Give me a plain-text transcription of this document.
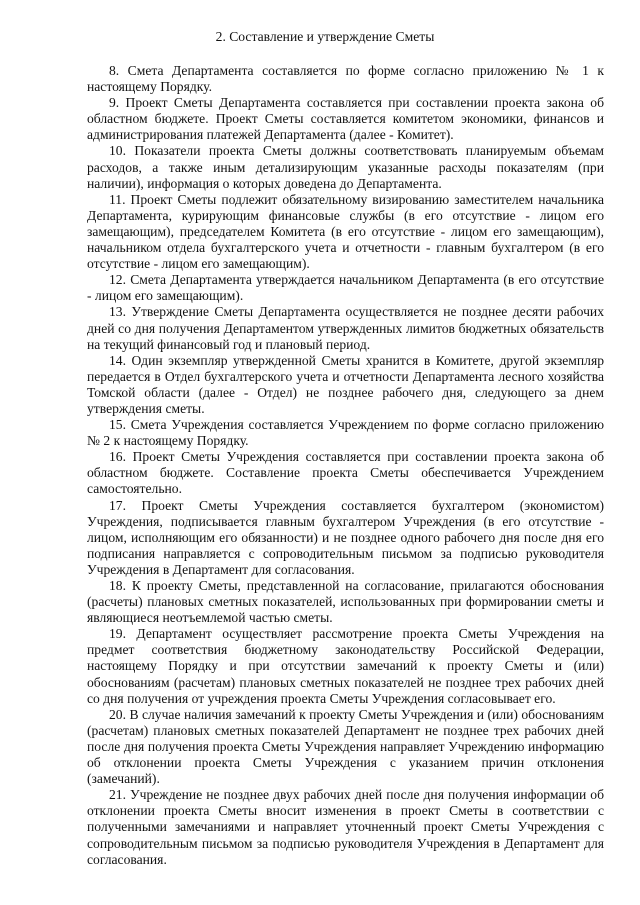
2. Составление и утверждение Сметы

8. Смета Департамента составляется по форме согласно приложению № 1 к настоящему Порядку.

9. Проект Сметы Департамента составляется при составлении проекта закона об областном бюджете. Проект Сметы составляется комитетом экономики, финансов и администрирования платежей Департамента (далее - Комитет).

10. Показатели проекта Сметы должны соответствовать планируемым объемам расходов, а также иным детализирующим указанные расходы показателям (при наличии), информация о которых доведена до Департамента.

11. Проект Сметы подлежит обязательному визированию заместителем начальника Департамента, курирующим финансовые службы (в его отсутствие - лицом его замещающим), председателем Комитета (в его отсутствие - лицом его замещающим), начальником отдела бухгалтерского учета и отчетности - главным бухгалтером (в его отсутствие - лицом его замещающим).

12. Смета Департамента утверждается начальником Департамента (в его отсутствие - лицом его замещающим).

13. Утверждение Сметы Департамента осуществляется не позднее десяти рабочих дней со дня получения Департаментом утвержденных лимитов бюджетных обязательств на текущий финансовый год и плановый период.

14. Один экземпляр утвержденной Сметы хранится в Комитете, другой экземпляр передается в Отдел бухгалтерского учета и отчетности Департамента лесного хозяйства Томской области (далее - Отдел) не позднее рабочего дня, следующего за днем утверждения сметы.

15. Смета Учреждения составляется Учреждением по форме согласно приложению № 2 к настоящему Порядку.

16. Проект Сметы Учреждения составляется при составлении проекта закона об областном бюджете. Составление проекта Сметы обеспечивается Учреждением самостоятельно.

17. Проект Сметы Учреждения составляется бухгалтером (экономистом) Учреждения, подписывается главным бухгалтером Учреждения (в его отсутствие - лицом, исполняющим его обязанности) и не позднее одного рабочего дня после дня его подписания направляется с сопроводительным письмом за подписью руководителя Учреждения в Департамент для согласования.

18. К проекту Сметы, представленной на согласование, прилагаются обоснования (расчеты) плановых сметных показателей, использованных при формировании сметы и являющиеся неотъемлемой частью сметы.

19. Департамент осуществляет рассмотрение проекта Сметы Учреждения на предмет соответствия бюджетному законодательству Российской Федерации, настоящему Порядку и при отсутствии замечаний к проекту Сметы и (или) обоснованиям (расчетам) плановых сметных показателей не позднее трех рабочих дней со дня получения от учреждения проекта Сметы Учреждения согласовывает его.

20. В случае наличия замечаний к проекту Сметы Учреждения и (или) обоснованиям (расчетам) плановых сметных показателей Департамент не позднее трех рабочих дней после дня получения проекта Сметы Учреждения направляет Учреждению информацию об отклонении проекта Сметы Учреждения с указанием причин отклонения (замечаний).

21. Учреждение не позднее двух рабочих дней после дня получения информации об отклонении проекта Сметы вносит изменения в проект Сметы в соответствии с полученными замечаниями и направляет уточненный проект Сметы Учреждения с сопроводительным письмом за подписью руководителя Учреждения в Департамент для согласования.
